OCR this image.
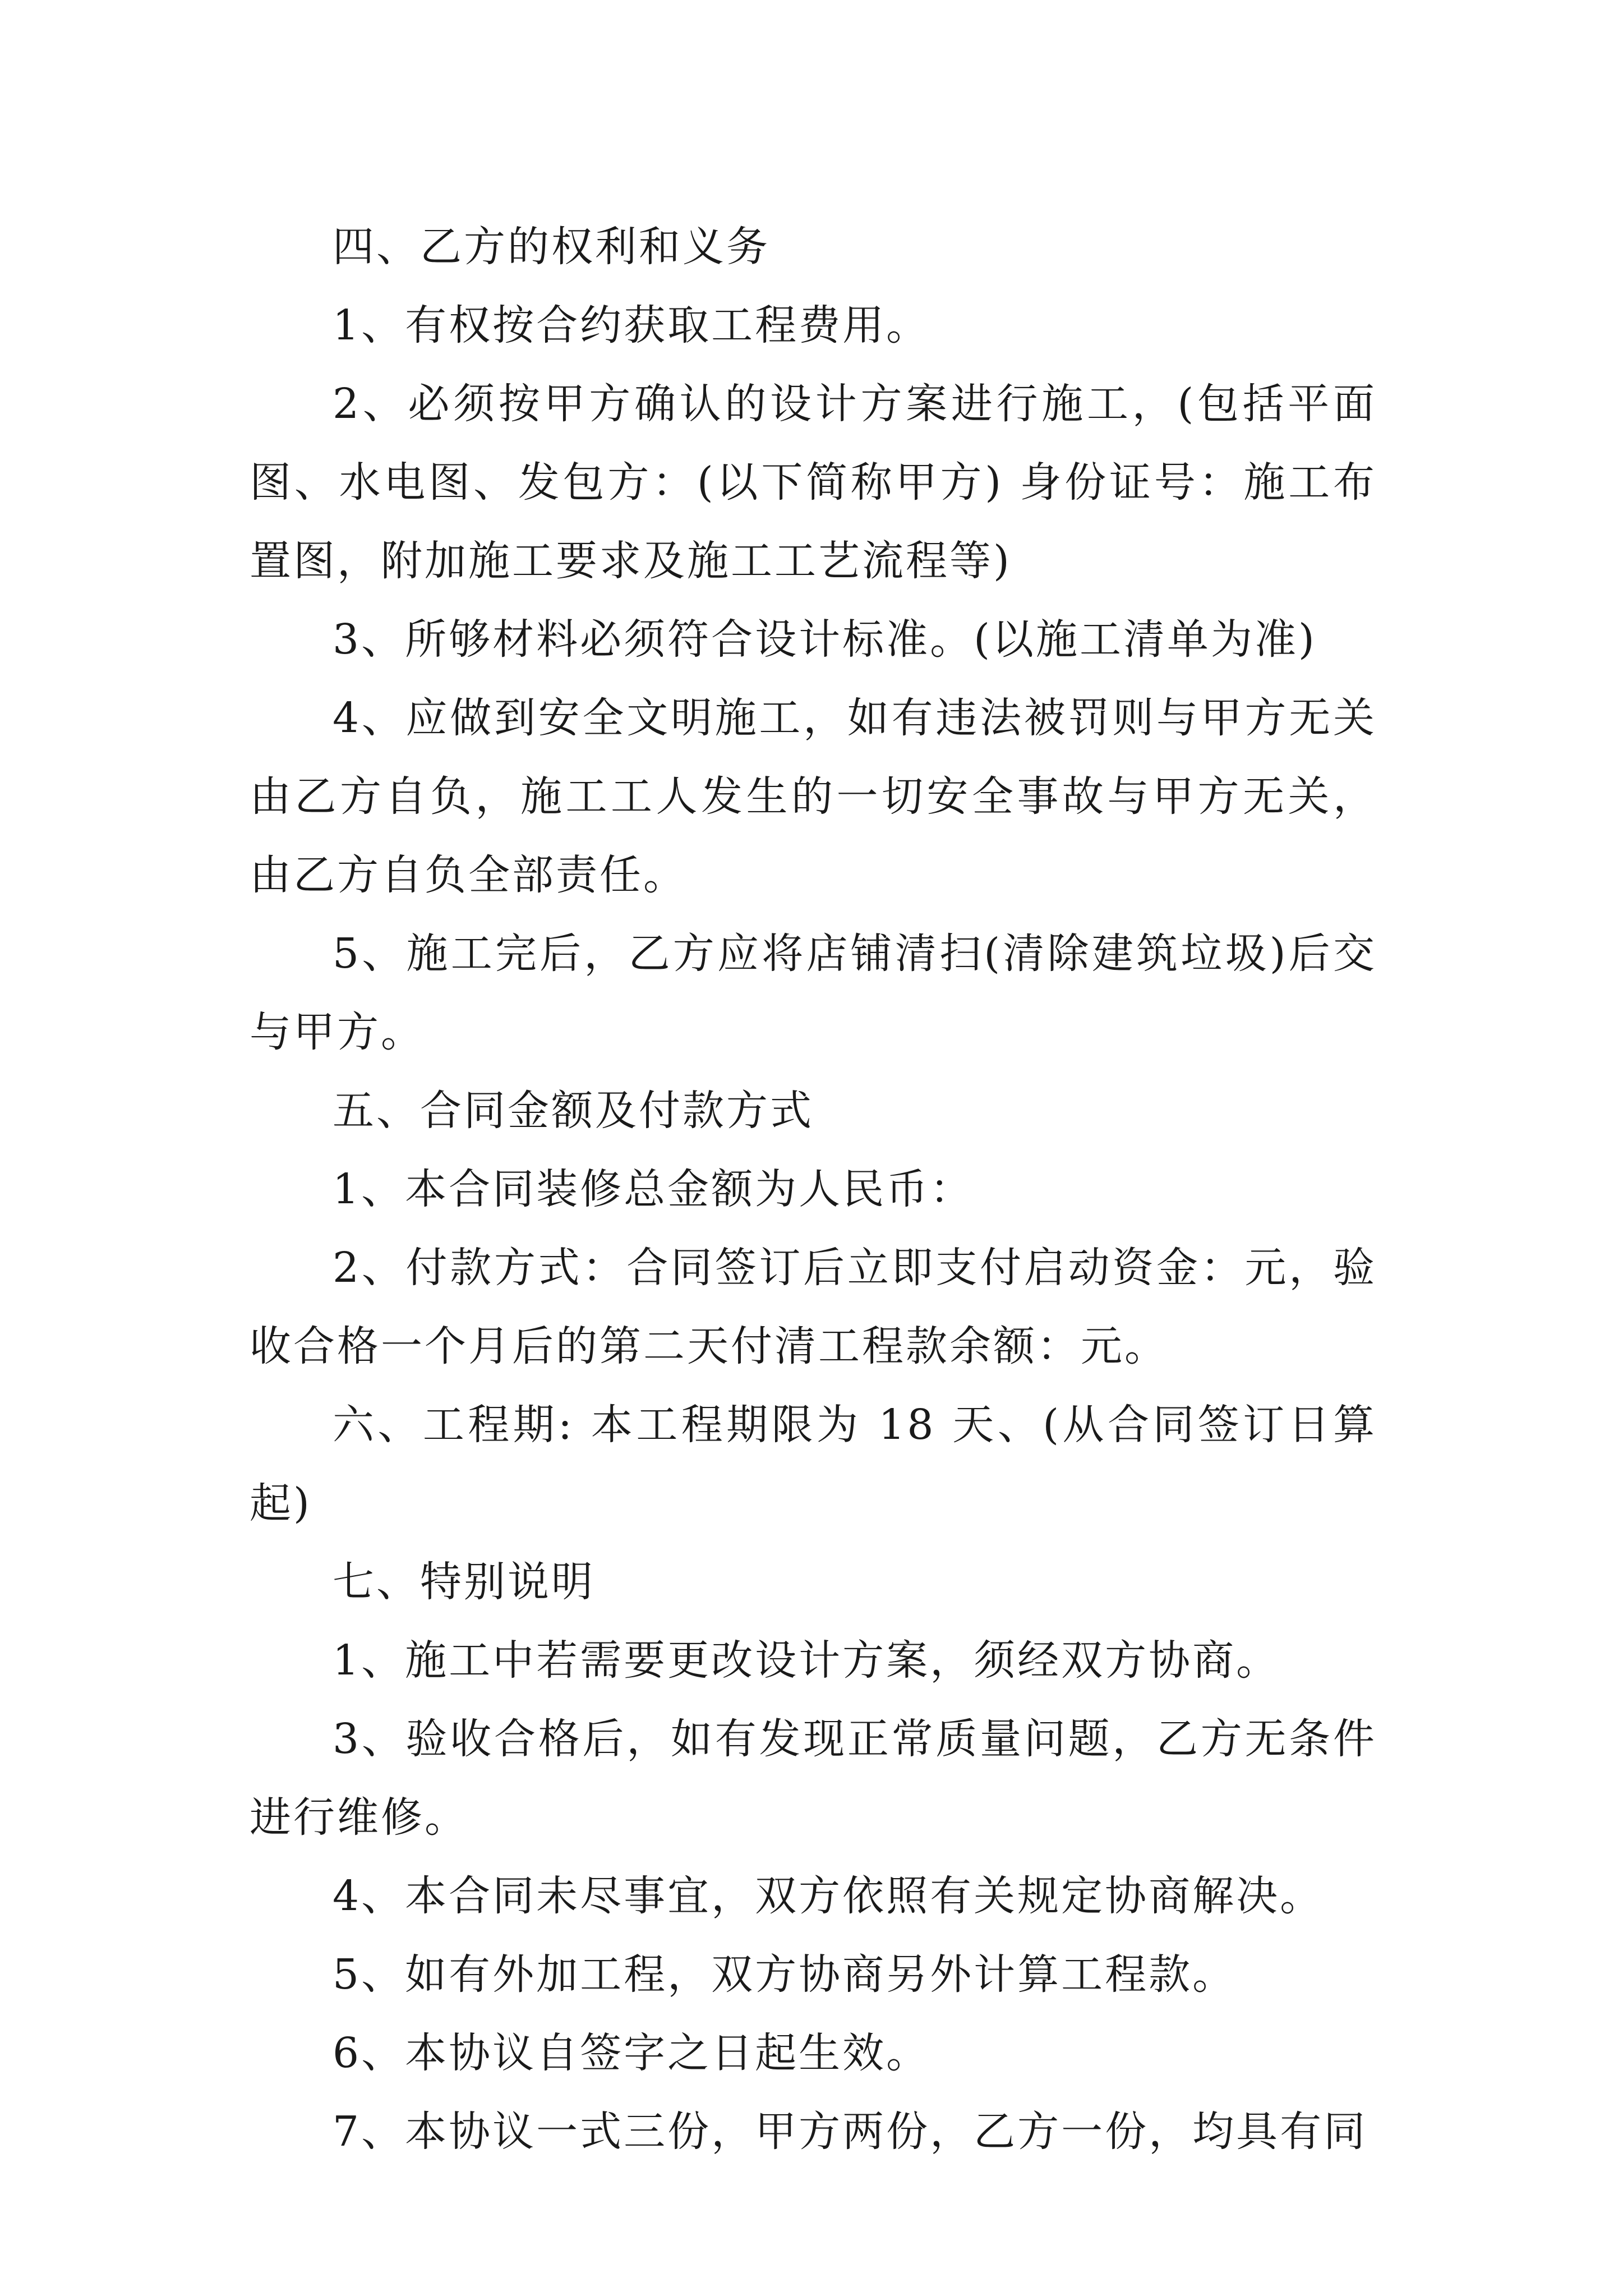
四、乙方的权利和义务

1、有权按合约获取工程费用。

2、必须按甲方确认的设计方案进行施工，(包括平面图、水电图、发包方：(以下简称甲方) 身份证号：施工布置图，附加施工要求及施工工艺流程等)

3、所够材料必须符合设计标准。(以施工清单为准)

4、应做到安全文明施工，如有违法被罚则与甲方无关由乙方自负，施工工人发生的一切安全事故与甲方无关，由乙方自负全部责任。

5、施工完后，乙方应将店铺清扫(清除建筑垃圾)后交与甲方。

五、合同金额及付款方式

1、本合同装修总金额为人民币：

2、付款方式：合同签订后立即支付启动资金：元，验收合格一个月后的第二天付清工程款余额：元。

六、工程期: 本工程期限为 18 天、(从合同签订日算起)

七、特别说明

1、施工中若需要更改设计方案，须经双方协商。

3、验收合格后，如有发现正常质量问题，乙方无条件进行维修。

4、本合同未尽事宜，双方依照有关规定协商解决。

5、如有外加工程，双方协商另外计算工程款。

6、本协议自签字之日起生效。

7、本协议一式三份，甲方两份，乙方一份，均具有同
